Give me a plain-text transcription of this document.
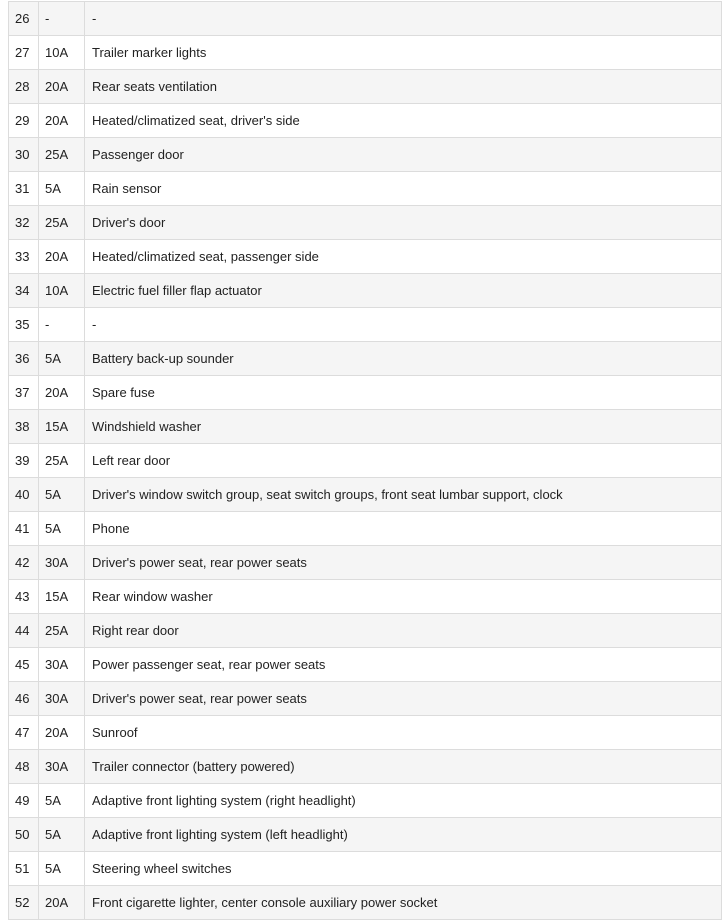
26	-	-
27	10A	Trailer marker lights
28	20A	Rear seats ventilation
29	20A	Heated/climatized seat, driver's side
30	25A	Passenger door
31	5A	Rain sensor
32	25A	Driver's door
33	20A	Heated/climatized seat, passenger side
34	10A	Electric fuel filler flap actuator
35	-	-
36	5A	Battery back-up sounder
37	20A	Spare fuse
38	15A	Windshield washer
39	25A	Left rear door
40	5A	Driver's window switch group, seat switch groups, front seat lumbar support, clock
41	5A	Phone
42	30A	Driver's power seat, rear power seats
43	15A	Rear window washer
44	25A	Right rear door
45	30A	Power passenger seat, rear power seats
46	30A	Driver's power seat, rear power seats
47	20A	Sunroof
48	30A	Trailer connector (battery powered)
49	5A	Adaptive front lighting system (right headlight)
50	5A	Adaptive front lighting system (left headlight)
51	5A	Steering wheel switches
52	20A	Front cigarette lighter, center console auxiliary power socket
